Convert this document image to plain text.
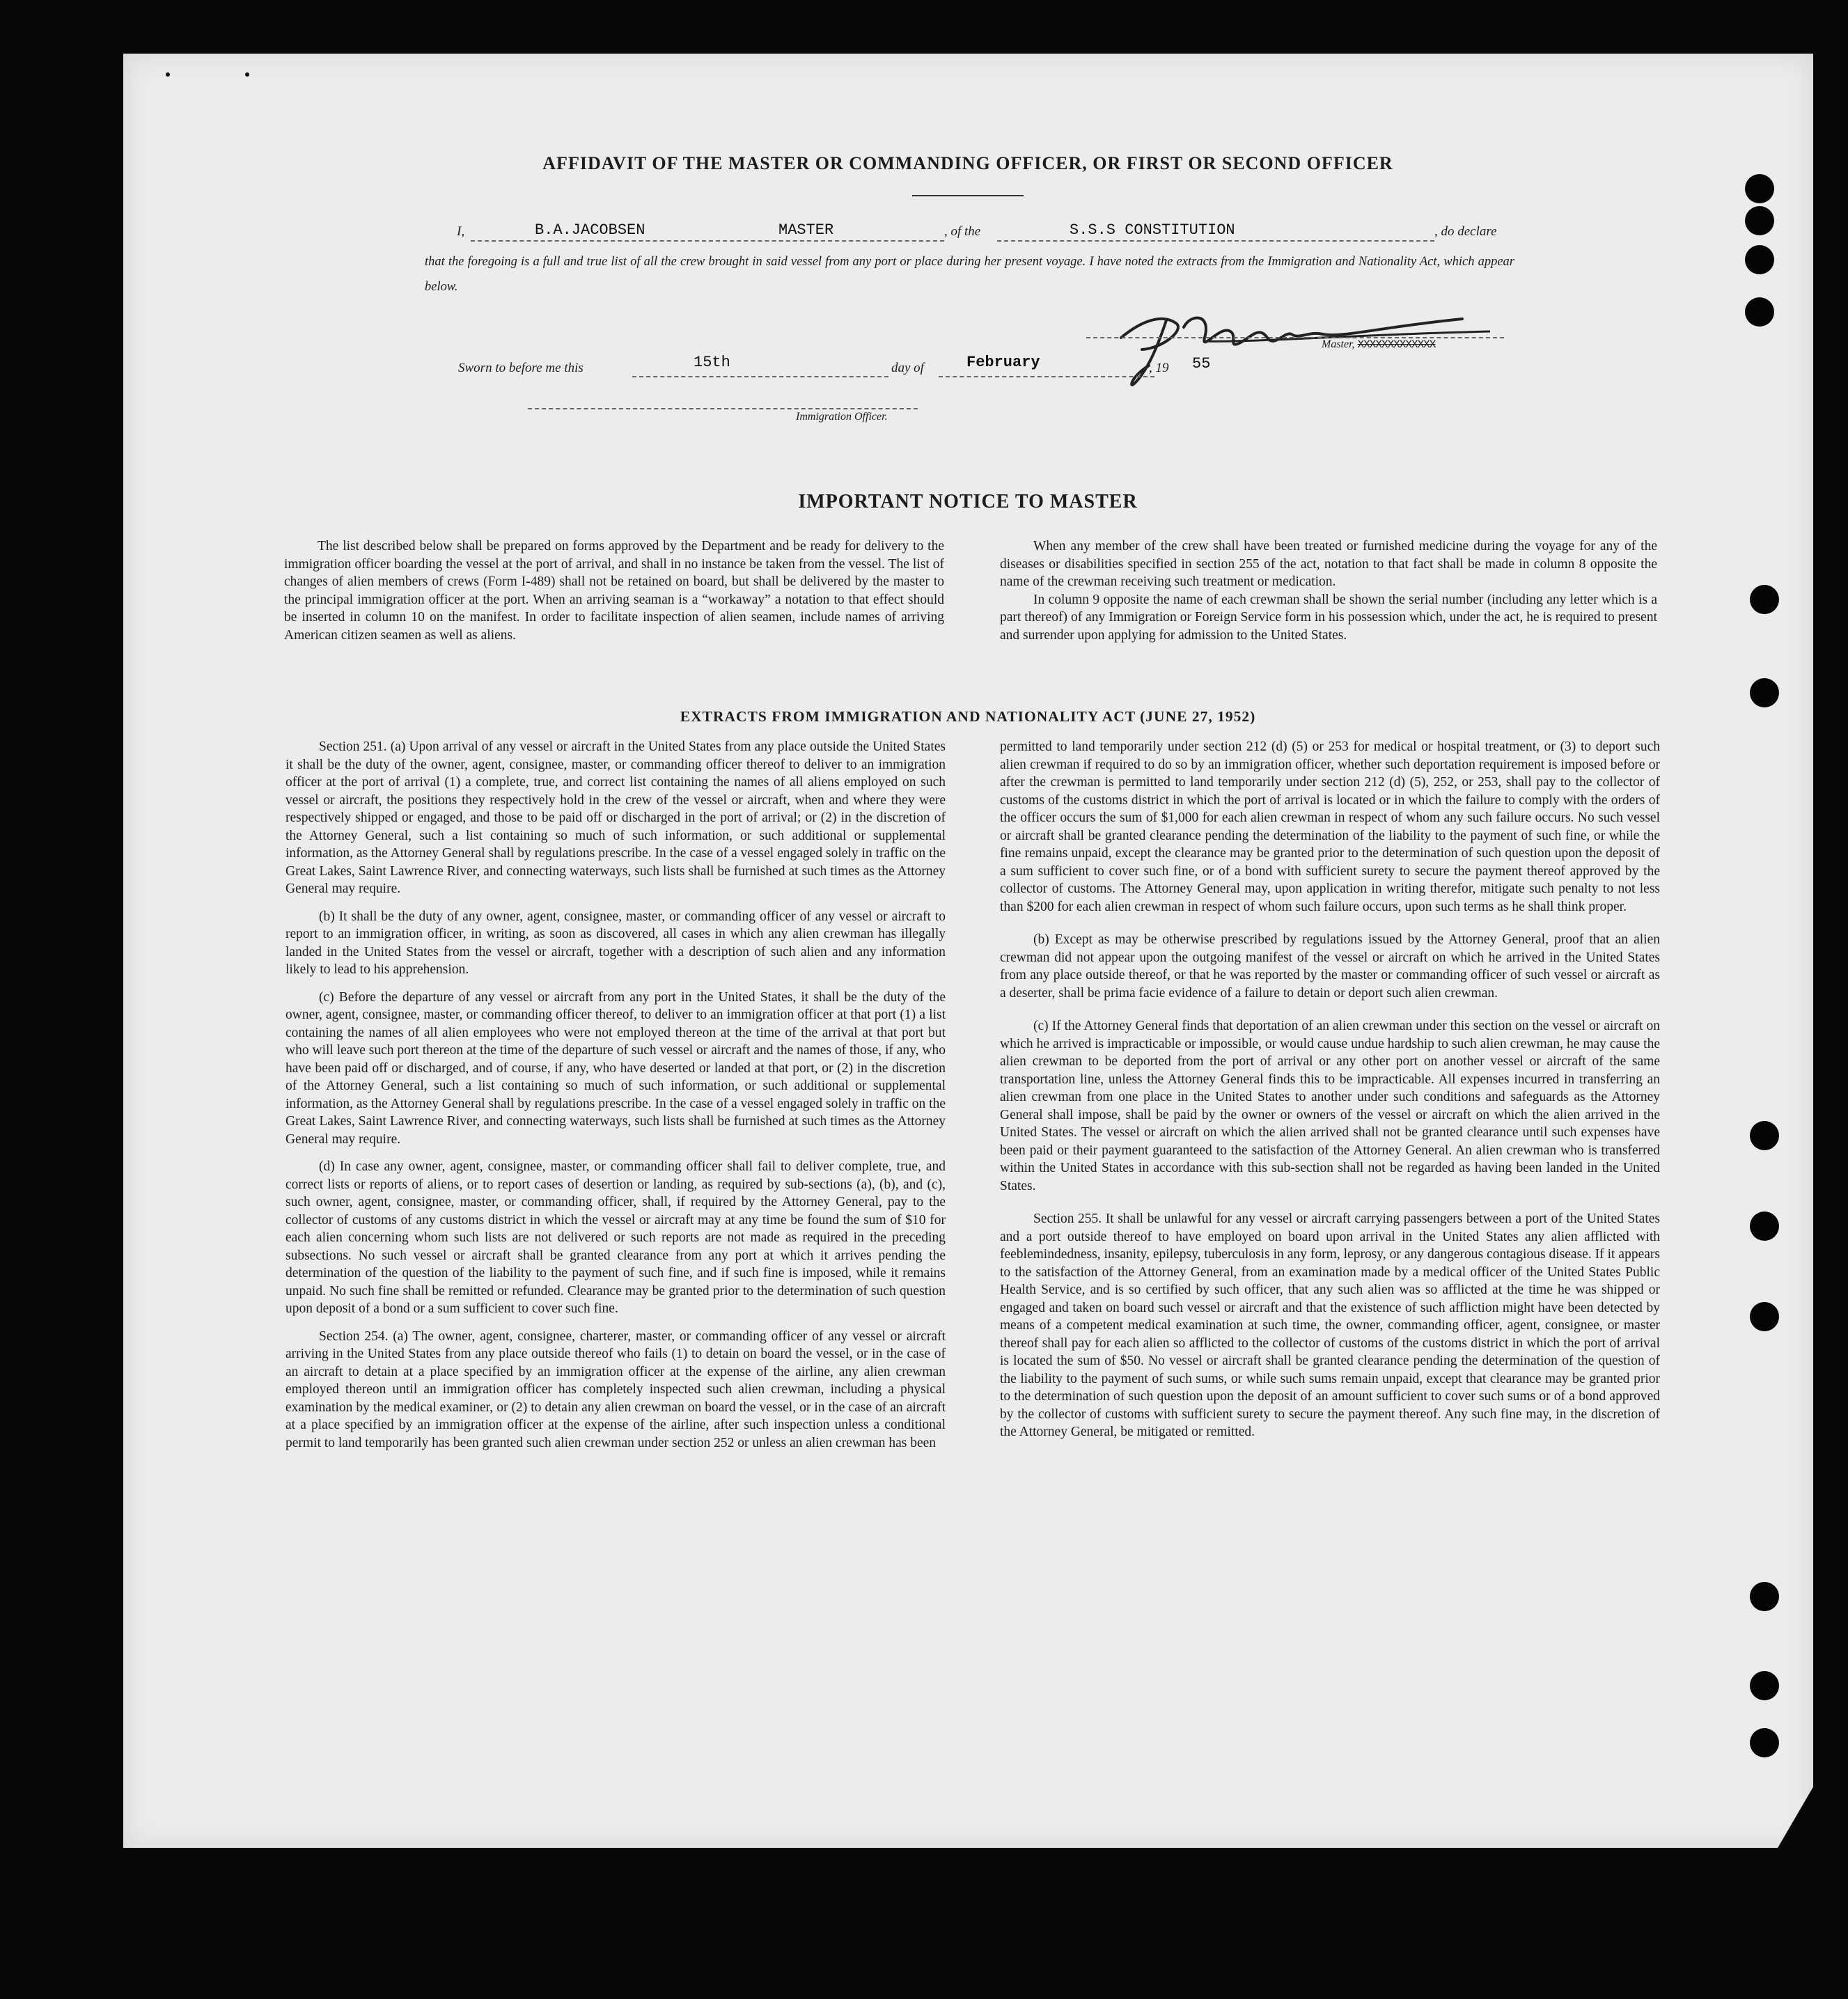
AFFIDAVIT OF THE MASTER OR COMMANDING OFFICER, OR FIRST OR SECOND OFFICER
I,	B.A.JACOBSEN	MASTER	, of the	S.S.S CONSTITUTION	, do declare
that the foregoing is a full and true list of all the crew brought in said vessel from any port or place during her present voyage. I have noted the extracts from the Immigration and Nationality Act, which appear below.
Master, XXXXXXXXXXXXX
Sworn to before me this	15th	day of	February	, 19 55
Immigration Officer.
IMPORTANT NOTICE TO MASTER

The list described below shall be prepared on forms approved by the Department and be ready for delivery to the immigration officer boarding the vessel at the port of arrival, and shall in no instance be taken from the vessel. The list of changes of alien members of crews (Form I-489) shall not be retained on board, but shall be delivered by the master to the principal immigration officer at the port. When an arriving seaman is a “workaway” a notation to that effect should be inserted in column 10 on the manifest. In order to facilitate inspection of alien seamen, include names of arriving American citizen seamen as well as aliens.

When any member of the crew shall have been treated or furnished medicine during the voyage for any of the diseases or disabilities specified in section 255 of the act, notation to that fact shall be made in column 8 opposite the name of the crewman receiving such treatment or medication.

In column 9 opposite the name of each crewman shall be shown the serial number (including any letter which is a part thereof) of any Immigration or Foreign Service form in his possession which, under the act, he is required to present and surrender upon applying for admission to the United States.

EXTRACTS FROM IMMIGRATION AND NATIONALITY ACT (JUNE 27, 1952)

Section 251. (a) Upon arrival of any vessel or aircraft in the United States from any place outside the United States it shall be the duty of the owner, agent, consignee, master, or commanding officer thereof to deliver to an immigration officer at the port of arrival (1) a complete, true, and correct list containing the names of all aliens employed on such vessel or aircraft, the positions they respectively hold in the crew of the vessel or aircraft, when and where they were respectively shipped or engaged, and those to be paid off or discharged in the port of arrival; or (2) in the discretion of the Attorney General, such a list containing so much of such information, or such additional or supplemental information, as the Attorney General shall by regulations prescribe. In the case of a vessel engaged solely in traffic on the Great Lakes, Saint Lawrence River, and connecting waterways, such lists shall be furnished at such times as the Attorney General may require.

(b) It shall be the duty of any owner, agent, consignee, master, or commanding officer of any vessel or aircraft to report to an immigration officer, in writing, as soon as discovered, all cases in which any alien crewman has illegally landed in the United States from the vessel or aircraft, together with a description of such alien and any information likely to lead to his apprehension.

(c) Before the departure of any vessel or aircraft from any port in the United States, it shall be the duty of the owner, agent, consignee, master, or commanding officer thereof, to deliver to an immigration officer at that port (1) a list containing the names of all alien employees who were not employed thereon at the time of the arrival at that port but who will leave such port thereon at the time of the departure of such vessel or aircraft and the names of those, if any, who have been paid off or discharged, and of course, if any, who have deserted or landed at that port, or (2) in the discretion of the Attorney General, such a list containing so much of such information, or such additional or supplemental information, as the Attorney General shall by regulations prescribe. In the case of a vessel engaged solely in traffic on the Great Lakes, Saint Lawrence River, and connecting waterways, such lists shall be furnished at such times as the Attorney General may require.

(d) In case any owner, agent, consignee, master, or commanding officer shall fail to deliver complete, true, and correct lists or reports of aliens, or to report cases of desertion or landing, as required by sub-sections (a), (b), and (c), such owner, agent, consignee, master, or commanding officer, shall, if required by the Attorney General, pay to the collector of customs of any customs district in which the vessel or aircraft may at any time be found the sum of $10 for each alien concerning whom such lists are not delivered or such reports are not made as required in the preceding subsections. No such vessel or aircraft shall be granted clearance from any port at which it arrives pending the determination of the question of the liability to the payment of such fine, and if such fine is imposed, while it remains unpaid. No such fine shall be remitted or refunded. Clearance may be granted prior to the determination of such question upon deposit of a bond or a sum sufficient to cover such fine.

Section 254. (a) The owner, agent, consignee, charterer, master, or commanding officer of any vessel or aircraft arriving in the United States from any place outside thereof who fails (1) to detain on board the vessel, or in the case of an aircraft to detain at a place specified by an immigration officer at the expense of the airline, any alien crewman employed thereon until an immigration officer has completely inspected such alien crewman, including a physical examination by the medical examiner, or (2) to detain any alien crewman on board the vessel, or in the case of an aircraft at a place specified by an immigration officer at the expense of the airline, after such inspection unless a conditional permit to land temporarily has been granted such alien crewman under section 252 or unless an alien crewman has been

permitted to land temporarily under section 212 (d) (5) or 253 for medical or hospital treatment, or (3) to deport such alien crewman if required to do so by an immigration officer, whether such deportation requirement is imposed before or after the crewman is permitted to land temporarily under section 212 (d) (5), 252, or 253, shall pay to the collector of customs of the customs district in which the port of arrival is located or in which the failure to comply with the orders of the officer occurs the sum of $1,000 for each alien crewman in respect of whom any such failure occurs. No such vessel or aircraft shall be granted clearance pending the determination of the liability to the payment of such fine, or while the fine remains unpaid, except the clearance may be granted prior to the determination of such question upon the deposit of a sum sufficient to cover such fine, or of a bond with sufficient surety to secure the payment thereof approved by the collector of customs. The Attorney General may, upon application in writing therefor, mitigate such penalty to not less than $200 for each alien crewman in respect of whom such failure occurs, upon such terms as he shall think proper.

(b) Except as may be otherwise prescribed by regulations issued by the Attorney General, proof that an alien crewman did not appear upon the outgoing manifest of the vessel or aircraft on which he arrived in the United States from any place outside thereof, or that he was reported by the master or commanding officer of such vessel or aircraft as a deserter, shall be prima facie evidence of a failure to detain or deport such alien crewman.

(c) If the Attorney General finds that deportation of an alien crewman under this section on the vessel or aircraft on which he arrived is impracticable or impossible, or would cause undue hardship to such alien crewman, he may cause the alien crewman to be deported from the port of arrival or any other port on another vessel or aircraft of the same transportation line, unless the Attorney General finds this to be impracticable. All expenses incurred in transferring an alien crewman from one place in the United States to another under such conditions and safeguards as the Attorney General shall impose, shall be paid by the owner or owners of the vessel or aircraft on which the alien arrived in the United States. The vessel or aircraft on which the alien arrived shall not be granted clearance until such expenses have been paid or their payment guaranteed to the satisfaction of the Attorney General. An alien crewman who is transferred within the United States in accordance with this sub-section shall not be regarded as having been landed in the United States.

Section 255. It shall be unlawful for any vessel or aircraft carrying passengers between a port of the United States and a port outside thereof to have employed on board upon arrival in the United States any alien afflicted with feeblemindedness, insanity, epilepsy, tuberculosis in any form, leprosy, or any dangerous contagious disease. If it appears to the satisfaction of the Attorney General, from an examination made by a medical officer of the United States Public Health Service, and is so certified by such officer, that any such alien was so afflicted at the time he was shipped or engaged and taken on board such vessel or aircraft and that the existence of such affliction might have been detected by means of a competent medical examination at such time, the owner, commanding officer, agent, consignee, or master thereof shall pay for each alien so afflicted to the collector of customs of the customs district in which the port of arrival is located the sum of $50. No vessel or aircraft shall be granted clearance pending the determination of the question of the liability to the payment of such sums, or while such sums remain unpaid, except that clearance may be granted prior to the determination of such question upon the deposit of an amount sufficient to cover such sums or of a bond approved by the collector of customs with sufficient surety to secure the payment thereof. Any such fine may, in the discretion of the Attorney General, be mitigated or remitted.
